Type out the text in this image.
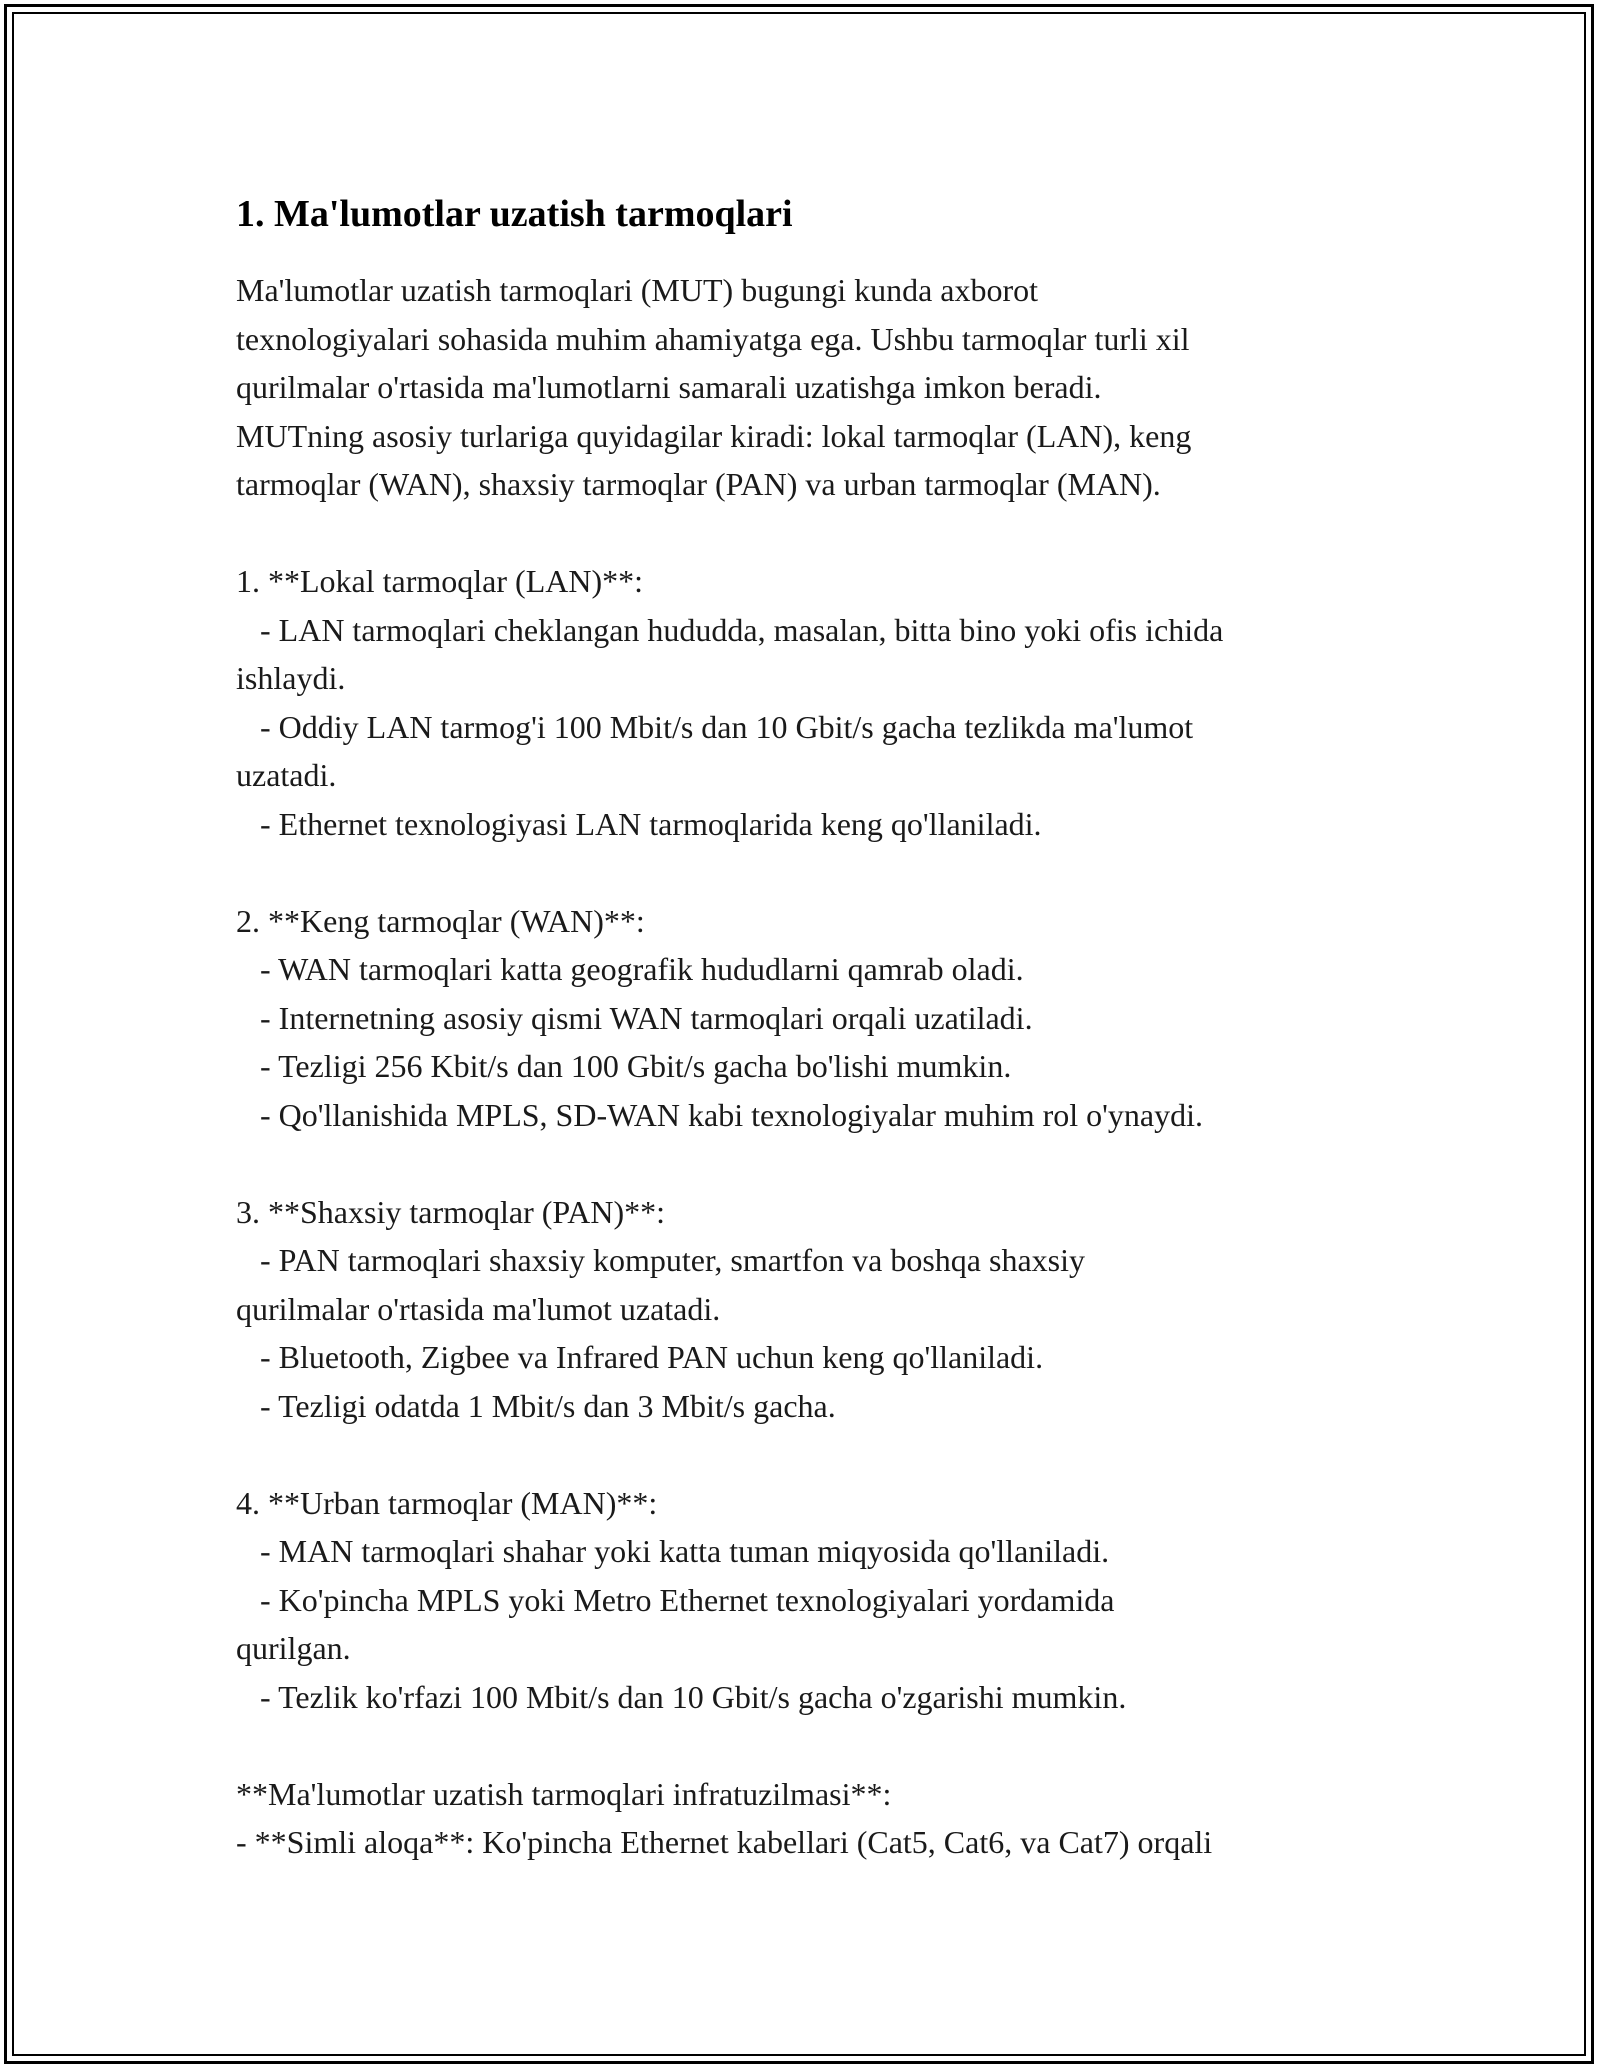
1. Ma'lumotlar uzatish tarmoqlari
Ma'lumotlar uzatish tarmoqlari (MUT) bugungi kunda axborot
texnologiyalari sohasida muhim ahamiyatga ega. Ushbu tarmoqlar turli xil
qurilmalar o'rtasida ma'lumotlarni samarali uzatishga imkon beradi.
MUTning asosiy turlariga quyidagilar kiradi: lokal tarmoqlar (LAN), keng
tarmoqlar (WAN), shaxsiy tarmoqlar (PAN) va urban tarmoqlar (MAN).
1. **Lokal tarmoqlar (LAN)**:
- LAN tarmoqlari cheklangan hududda, masalan, bitta bino yoki ofis ichida
ishlaydi.
- Oddiy LAN tarmog'i 100 Mbit/s dan 10 Gbit/s gacha tezlikda ma'lumot
uzatadi.
- Ethernet texnologiyasi LAN tarmoqlarida keng qo'llaniladi.
2. **Keng tarmoqlar (WAN)**:
- WAN tarmoqlari katta geografik hududlarni qamrab oladi.
- Internetning asosiy qismi WAN tarmoqlari orqali uzatiladi.
- Tezligi 256 Kbit/s dan 100 Gbit/s gacha bo'lishi mumkin.
- Qo'llanishida MPLS, SD-WAN kabi texnologiyalar muhim rol o'ynaydi.
3. **Shaxsiy tarmoqlar (PAN)**:
- PAN tarmoqlari shaxsiy komputer, smartfon va boshqa shaxsiy
qurilmalar o'rtasida ma'lumot uzatadi.
- Bluetooth, Zigbee va Infrared PAN uchun keng qo'llaniladi.
- Tezligi odatda 1 Mbit/s dan 3 Mbit/s gacha.
4. **Urban tarmoqlar (MAN)**:
- MAN tarmoqlari shahar yoki katta tuman miqyosida qo'llaniladi.
- Ko'pincha MPLS yoki Metro Ethernet texnologiyalari yordamida
qurilgan.
- Tezlik ko'rfazi 100 Mbit/s dan 10 Gbit/s gacha o'zgarishi mumkin.
**Ma'lumotlar uzatish tarmoqlari infratuzilmasi**:
- **Simli aloqa**: Ko'pincha Ethernet kabellari (Cat5, Cat6, va Cat7) orqali
